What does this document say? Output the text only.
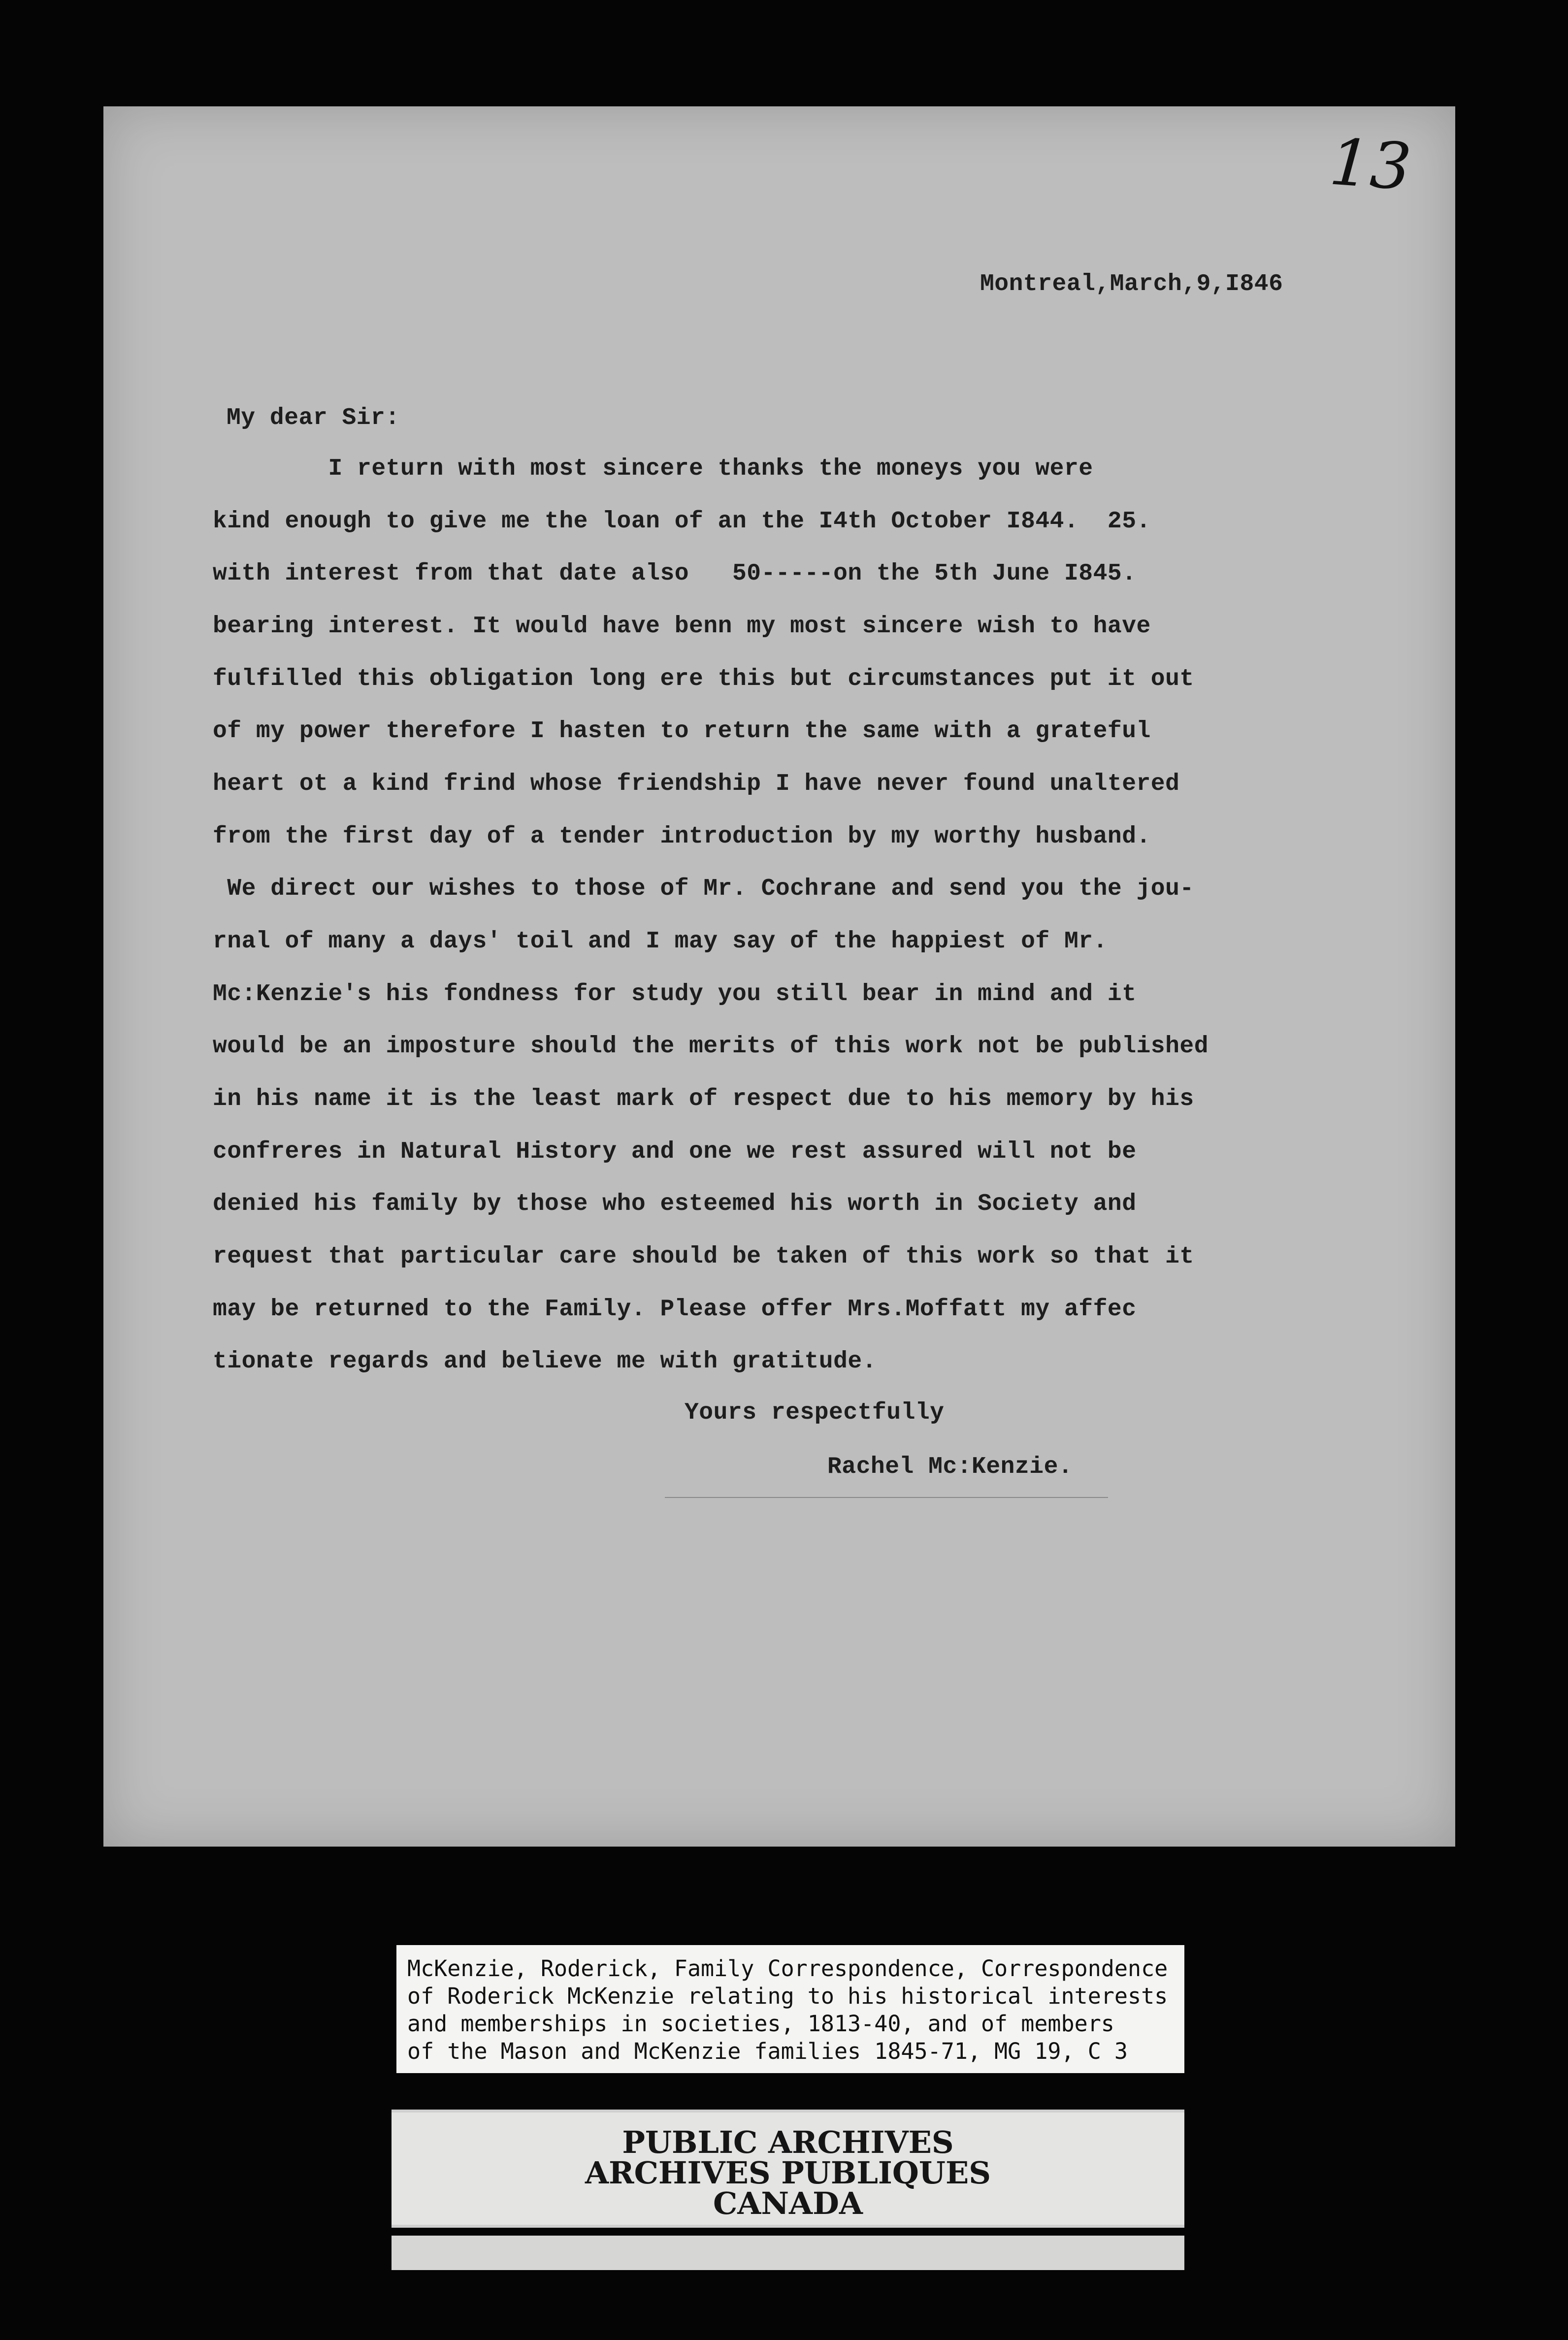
13
Montreal,March,9,I846
My dear Sir:
I return with most sincere thanks the moneys you were
kind enough to give me the loan of an the I4th October I844.  25.
with interest from that date also   50-----on the 5th June I845.
bearing interest. It would have benn my most sincere wish to have
fulfilled this obligation long ere this but circumstances put it out
of my power therefore I hasten to return the same with a grateful
heart ot a kind frind whose friendship I have never found unaltered
from the first day of a tender introduction by my worthy husband.
We direct our wishes to those of Mr. Cochrane and send you the jou-
rnal of many a days' toil and I may say of the happiest of Mr.
Mc:Kenzie's his fondness for study you still bear in mind and it
would be an imposture should the merits of this work not be published
in his name it is the least mark of respect due to his memory by his
confreres in Natural History and one we rest assured will not be
denied his family by those who esteemed his worth in Society and
request that particular care should be taken of this work so that it
may be returned to the Family. Please offer Mrs.Moffatt my affec
tionate regards and believe me with gratitude.
Yours respectfully
Rachel Mc:Kenzie.
McKenzie, Roderick, Family Correspondence, Correspondence
of Roderick McKenzie relating to his historical interests
and memberships in societies, 1813-40, and of members
of the Mason and McKenzie families 1845-71, MG 19, C 3
PUBLIC ARCHIVES
ARCHIVES PUBLIQUES
CANADA
